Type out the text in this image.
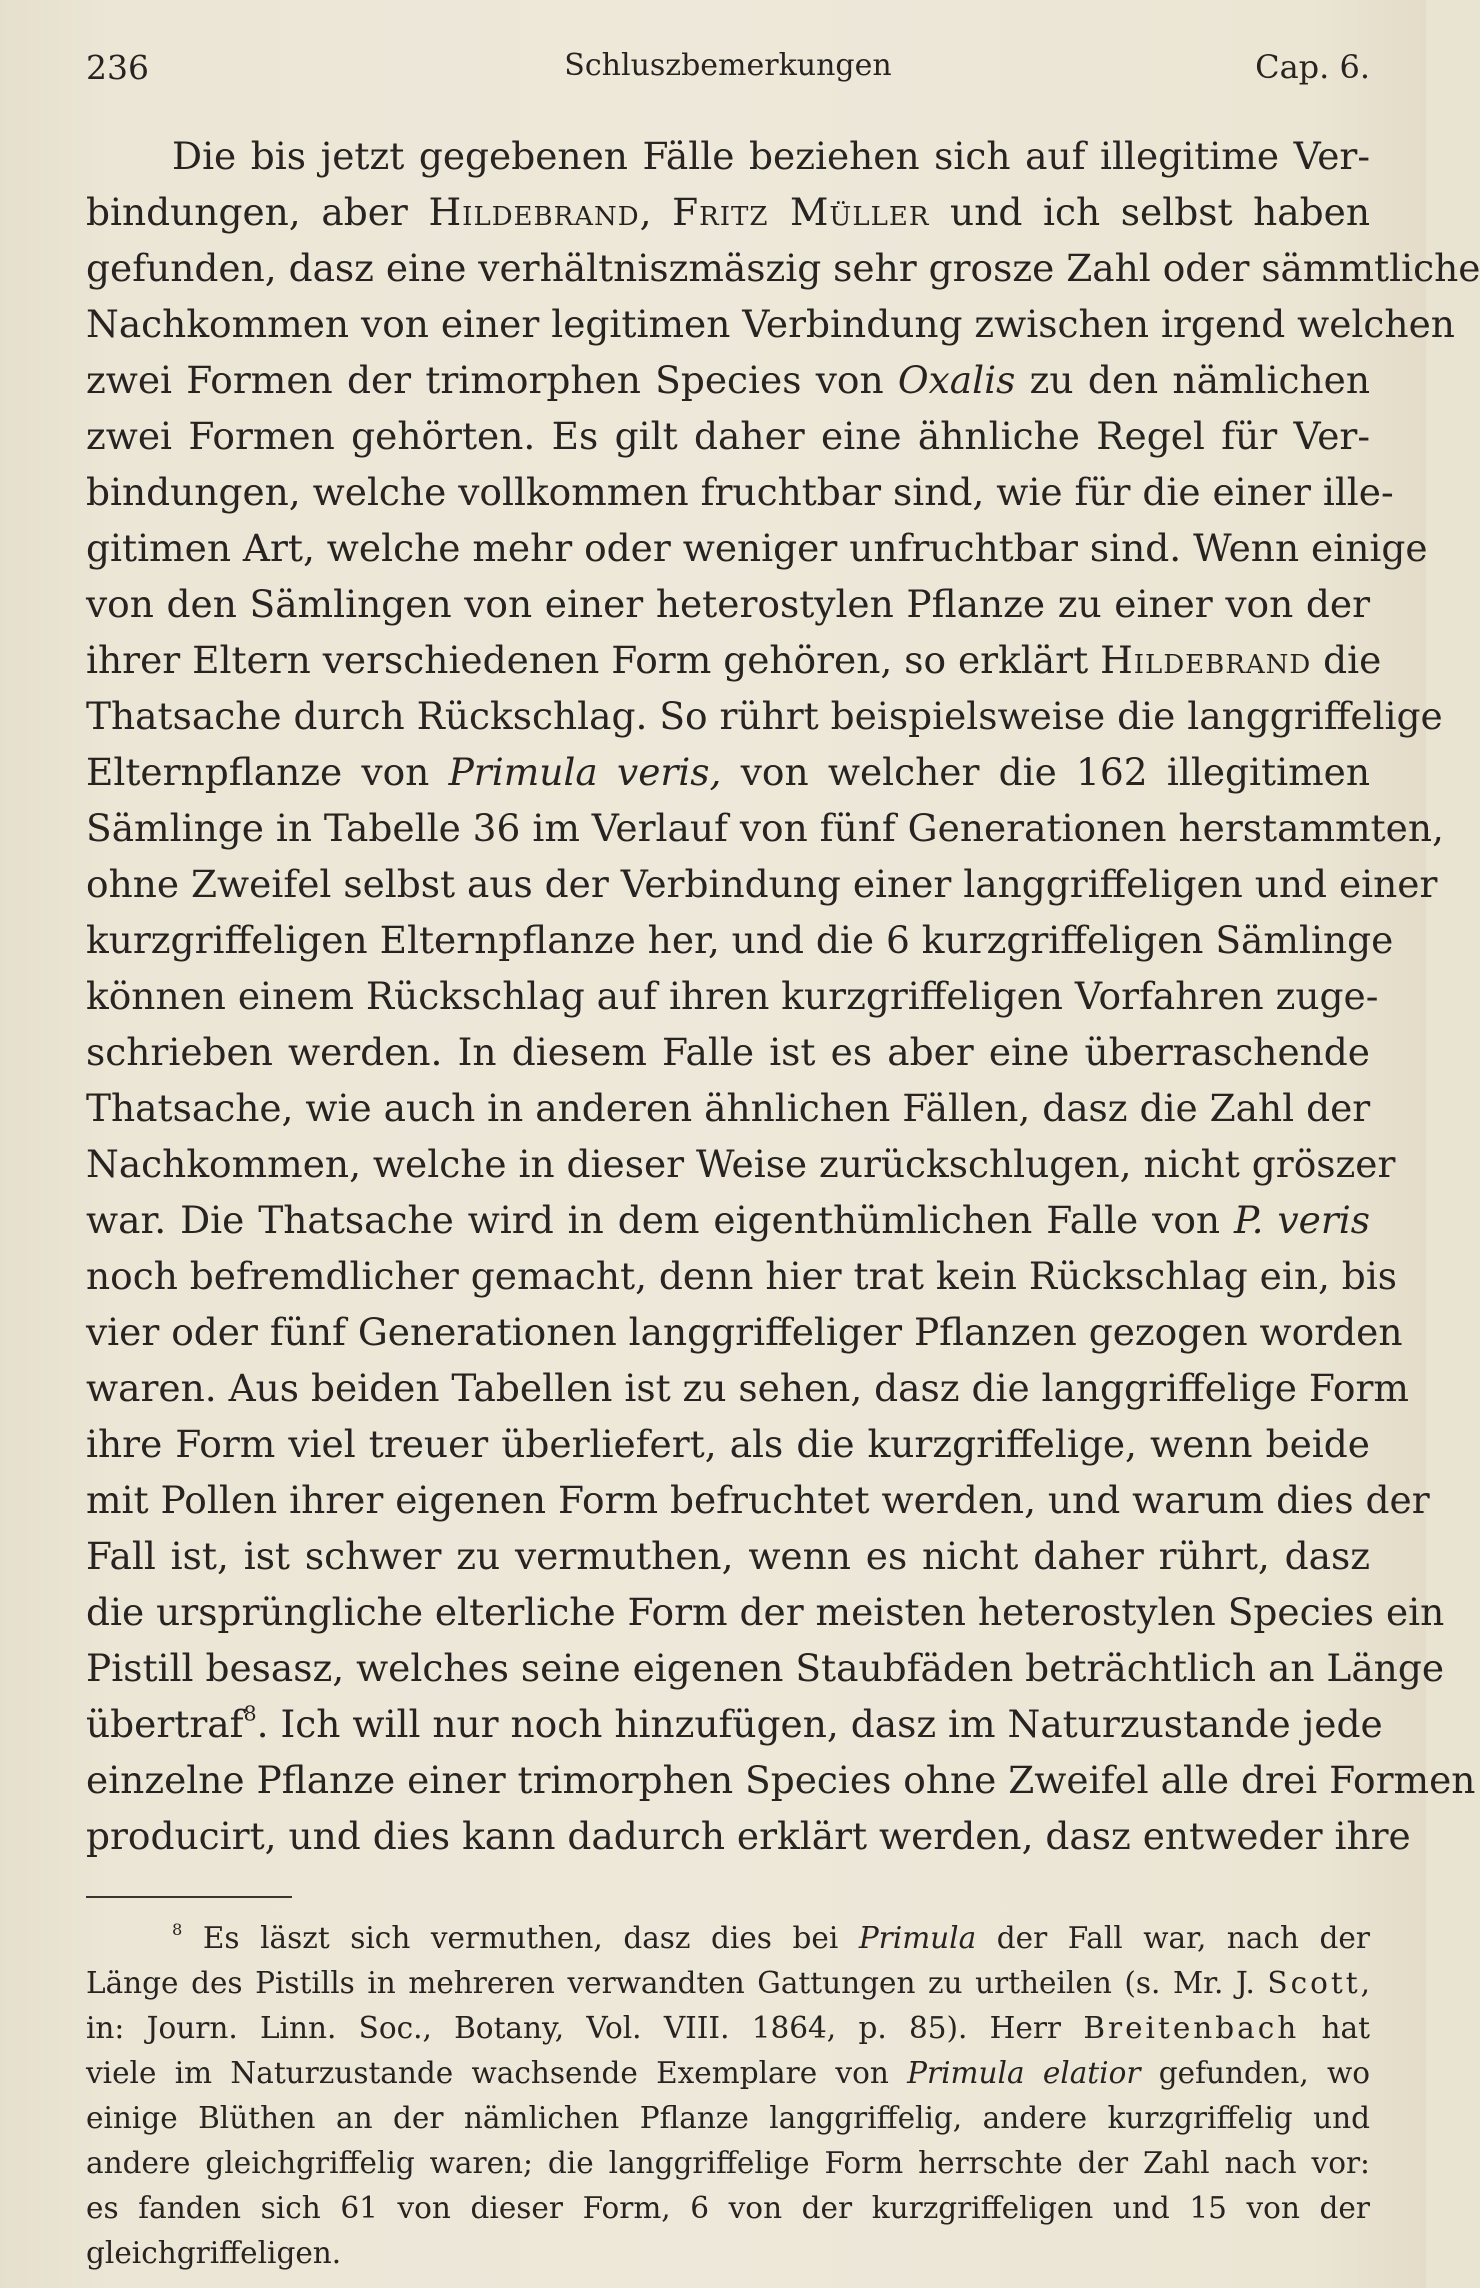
Schluszbemerkungen
236	Cap. 6.
Die bis jetzt gegebenen Fälle beziehen sich auf illegitime Ver-
bindungen, aber Hildebrand, Fritz Müller und ich selbst haben
gefunden, dasz eine verhältniszmäszig sehr grosze Zahl oder sämmtliche
Nachkommen von einer legitimen Verbindung zwischen irgend welchen
zwei Formen der trimorphen Species von Oxalis zu den nämlichen
zwei Formen gehörten. Es gilt daher eine ähnliche Regel für Ver-
bindungen, welche vollkommen fruchtbar sind, wie für die einer ille-
gitimen Art, welche mehr oder weniger unfruchtbar sind. Wenn einige
von den Sämlingen von einer heterostylen Pflanze zu einer von der
ihrer Eltern verschiedenen Form gehören, so erklärt Hildebrand die
Thatsache durch Rückschlag. So rührt beispielsweise die langgriffelige
Elternpflanze von Primula veris, von welcher die 162 illegitimen
Sämlinge in Tabelle 36 im Verlauf von fünf Generationen herstammten,
ohne Zweifel selbst aus der Verbindung einer langgriffeligen und einer
kurzgriffeligen Elternpflanze her, und die 6 kurzgriffeligen Sämlinge
können einem Rückschlag auf ihren kurzgriffeligen Vorfahren zuge-
schrieben werden. In diesem Falle ist es aber eine überraschende
Thatsache, wie auch in anderen ähnlichen Fällen, dasz die Zahl der
Nachkommen, welche in dieser Weise zurückschlugen, nicht gröszer
war. Die Thatsache wird in dem eigenthümlichen Falle von P. veris
noch befremdlicher gemacht, denn hier trat kein Rückschlag ein, bis
vier oder fünf Generationen langgriffeliger Pflanzen gezogen worden
waren. Aus beiden Tabellen ist zu sehen, dasz die langgriffelige Form
ihre Form viel treuer überliefert, als die kurzgriffelige, wenn beide
mit Pollen ihrer eigenen Form befruchtet werden, und warum dies der
Fall ist, ist schwer zu vermuthen, wenn es nicht daher rührt, dasz
die ursprüngliche elterliche Form der meisten heterostylen Species ein
Pistill besasz, welches seine eigenen Staubfäden beträchtlich an Länge
übertraf$^8$. Ich will nur noch hinzufügen, dasz im Naturzustande jede
einzelne Pflanze einer trimorphen Species ohne Zweifel alle drei Formen
producirt, und dies kann dadurch erklärt werden, dasz entweder ihre
$^8$ Es läszt sich vermuthen, dasz dies bei Primula der Fall war, nach der
Länge des Pistills in mehreren verwandten Gattungen zu urtheilen (s. Mr. J. Scott,
in: Journ. Linn. Soc., Botany, Vol. VIII. 1864, p. 85). Herr Breitenbach hat
viele im Naturzustande wachsende Exemplare von Primula elatior gefunden, wo
einige Blüthen an der nämlichen Pflanze langgriffelig, andere kurzgriffelig und
andere gleichgriffelig waren; die langgriffelige Form herrschte der Zahl nach vor:
es fanden sich 61 von dieser Form, 6 von der kurzgriffeligen und 15 von der
gleichgriffeligen.
